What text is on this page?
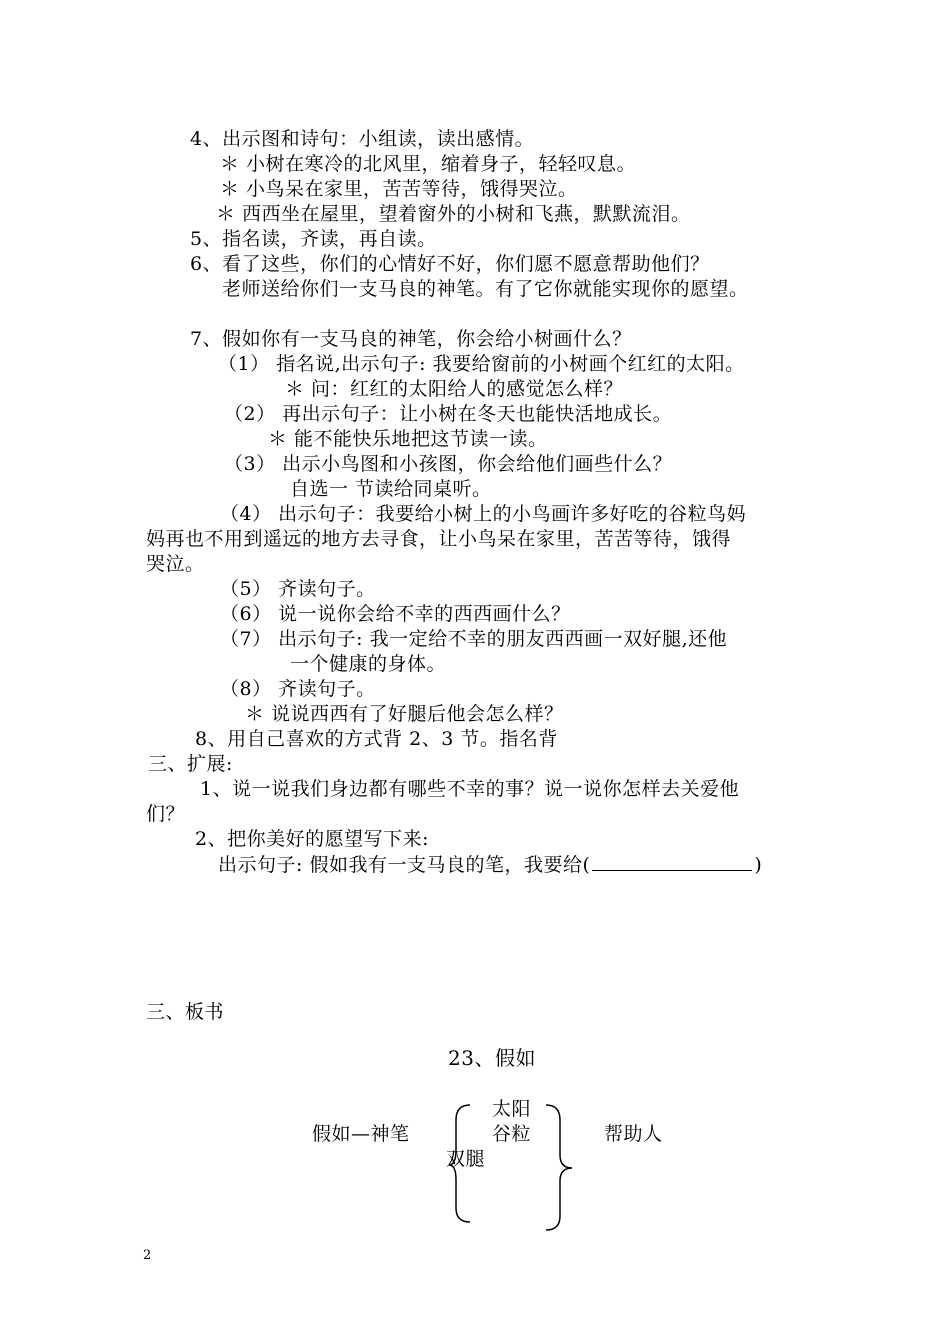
4、出示图和诗句：小组读，读出感情。
＊ 小树在寒冷的北风里，缩着身子，轻轻叹息。
＊ 小鸟呆在家里，苦苦等待，饿得哭泣。
＊ 西西坐在屋里，望着窗外的小树和飞燕，默默流泪。
5、指名读，齐读，再自读。
6、看了这些，你们的心情好不好，你们愿不愿意帮助他们？
老师送给你们一支马良的神笔。有了它你就能实现你的愿望。
7、假如你有一支马良的神笔，你会给小树画什么？
（1） 指名说,出示句子: 我要给窗前的小树画个红红的太阳。
＊ 问：红红的太阳给人的感觉怎么样？
（2） 再出示句子：让小树在冬天也能快活地成长。
＊ 能不能快乐地把这节读一读。
（3） 出示小鸟图和小孩图，你会给他们画些什么？
自选一 节读给同桌听。
（4） 出示句子：我要给小树上的小鸟画许多好吃的谷粒鸟妈
妈再也不用到遥远的地方去寻食，让小鸟呆在家里，苦苦等待，饿得
哭泣。
（5） 齐读句子。
（6） 说一说你会给不幸的西西画什么？
（7） 出示句子: 我一定给不幸的朋友西西画一双好腿,还他
一个健康的身体。
（8） 齐读句子。
＊ 说说西西有了好腿后他会怎么样？
8、用自己喜欢的方式背 2、3 节。指名背
三、扩展:
1、说一说我们身边都有哪些不幸的事？说一说你怎样去关爱他
们？
2、把你美好的愿望写下来:
出示句子: 假如我有一支马良的笔，我要给(	)
三、板书
23、假如
假如—神笔
太阳
谷粒
双腿
帮助人
2
